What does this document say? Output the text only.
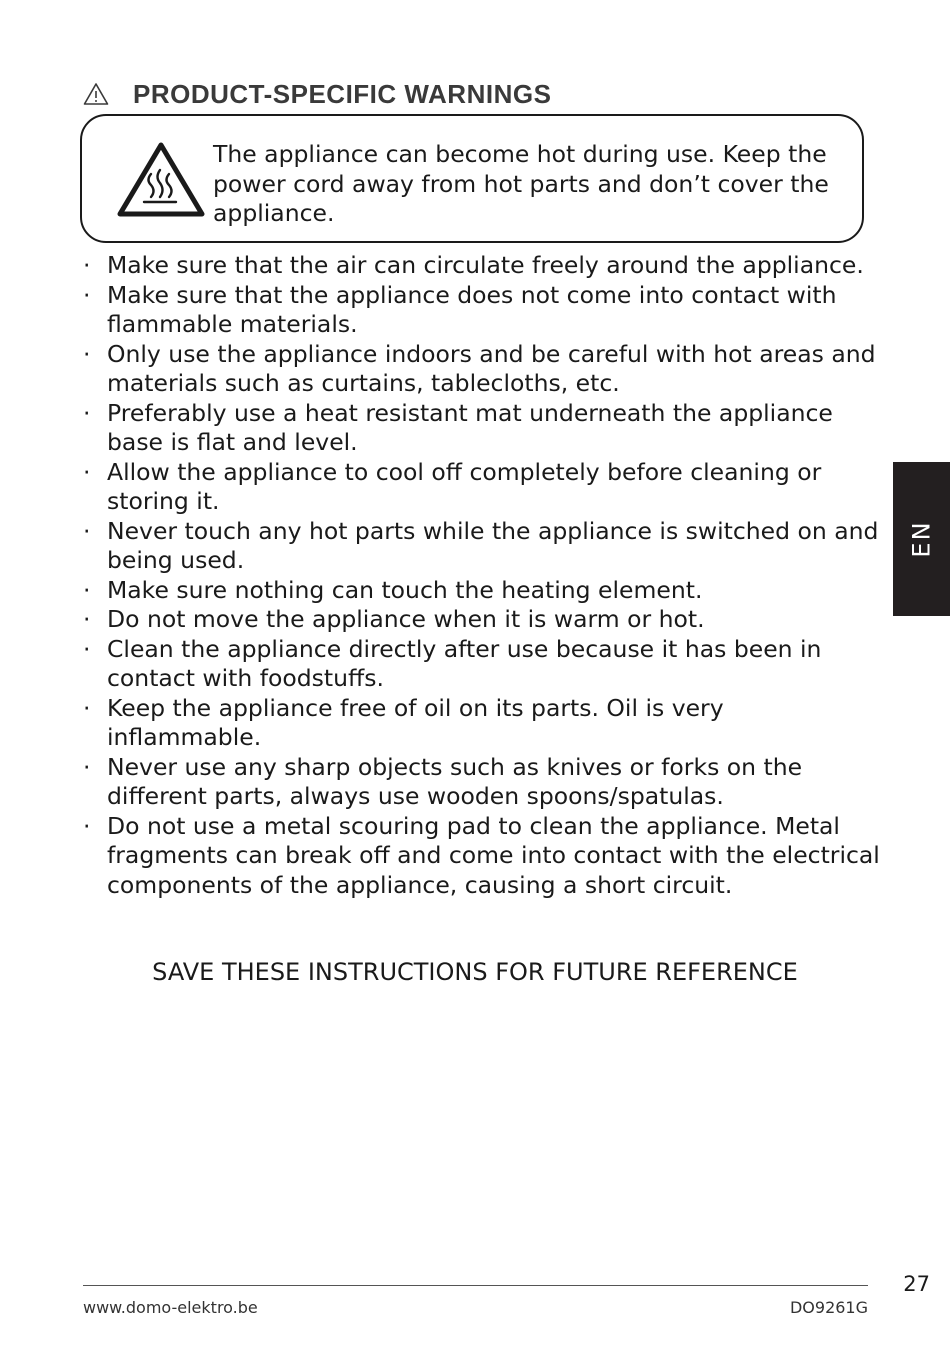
PRODUCT-SPECIFIC WARNINGS

The appliance can become hot during use. Keep the power cord away from hot parts and don’t cover the appliance.

· Make sure that the air can circulate freely around the appliance.
· Make sure that the appliance does not come into contact with flammable materials.
· Only use the appliance indoors and be careful with hot areas and materials such as curtains, tablecloths, etc.
· Preferably use a heat resistant mat underneath the appliance base is flat and level.
· Allow the appliance to cool off completely before cleaning or storing it.
· Never touch any hot parts while the appliance is switched on and being used.
· Make sure nothing can touch the heating element.
· Do not move the appliance when it is warm or hot.
· Clean the appliance directly after use because it has been in contact with foodstuffs.
· Keep the appliance free of oil on its parts. Oil is very inflammable.
· Never use any sharp objects such as knives or forks on the different parts, always use wooden spoons/spatulas.
· Do not use a metal scouring pad to clean the appliance. Metal fragments can break off and come into contact with the electrical components of the appliance, causing a short circuit.

SAVE THESE INSTRUCTIONS FOR FUTURE REFERENCE

EN
27
www.domo-elektro.be	DO9261G
